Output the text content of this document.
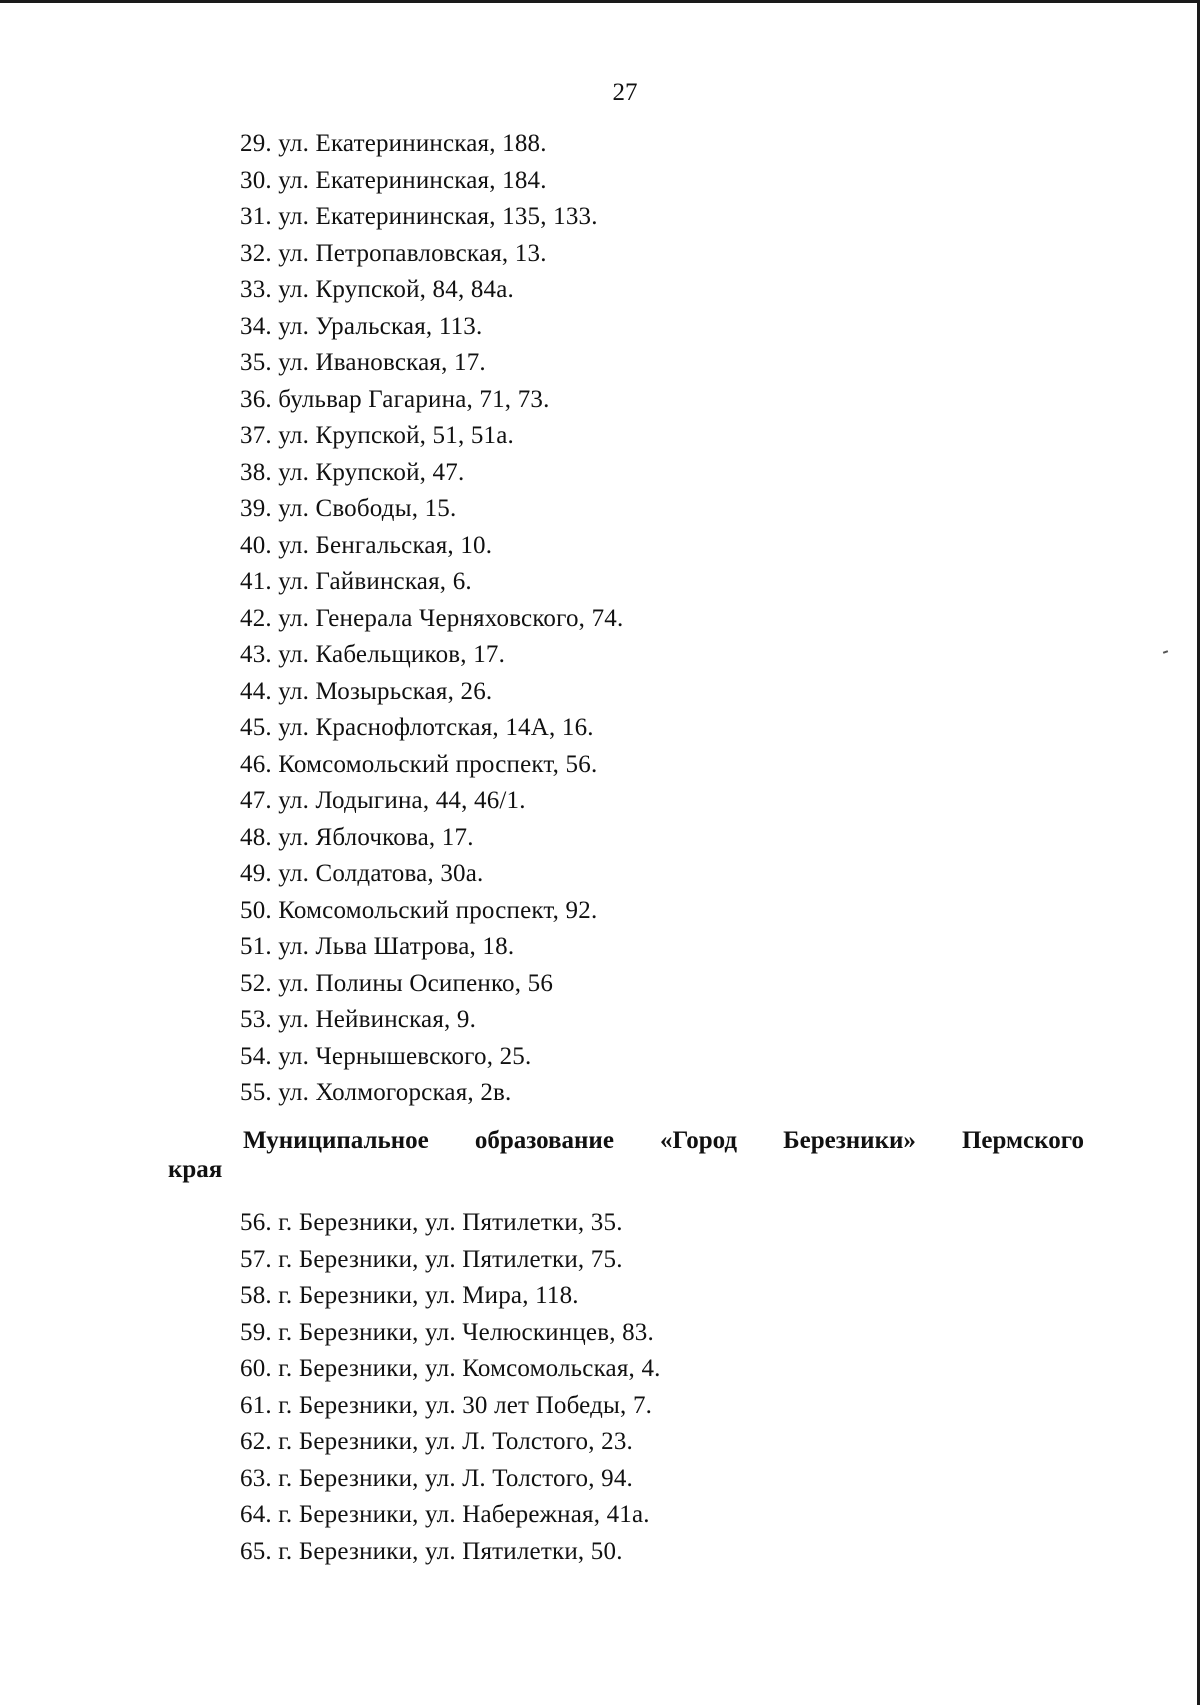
27
29. ул. Екатерининская, 188.
30. ул. Екатерининская, 184.
31. ул. Екатерининская, 135, 133.
32. ул. Петропавловская, 13.
33. ул. Крупской, 84, 84а.
34. ул. Уральская, 113.
35. ул. Ивановская, 17.
36. бульвар Гагарина, 71, 73.
37. ул. Крупской, 51, 51а.
38. ул. Крупской, 47.
39. ул. Свободы, 15.
40. ул. Бенгальская, 10.
41. ул. Гайвинская, 6.
42. ул. Генерала Черняховского, 74.
43. ул. Кабельщиков, 17.
44. ул. Мозырьская, 26.
45. ул. Краснофлотская, 14А, 16.
46. Комсомольский проспект, 56.
47. ул. Лодыгина, 44, 46/1.
48. ул. Яблочкова, 17.
49. ул. Солдатова, 30а.
50. Комсомольский проспект, 92.
51. ул. Льва Шатрова, 18.
52. ул. Полины Осипенко, 56
53. ул. Нейвинская, 9.
54. ул. Чернышевского, 25.
55. ул. Холмогорская, 2в.
Муниципальное образование «Город Березники» Пермского
края
56. г. Березники, ул. Пятилетки, 35.
57. г. Березники, ул. Пятилетки, 75.
58. г. Березники, ул. Мира, 118.
59. г. Березники, ул. Челюскинцев, 83.
60. г. Березники, ул. Комсомольская, 4.
61. г. Березники, ул. 30 лет Победы, 7.
62. г. Березники, ул. Л. Толстого, 23.
63. г. Березники, ул. Л. Толстого, 94.
64. г. Березники, ул. Набережная, 41а.
65. г. Березники, ул. Пятилетки, 50.
